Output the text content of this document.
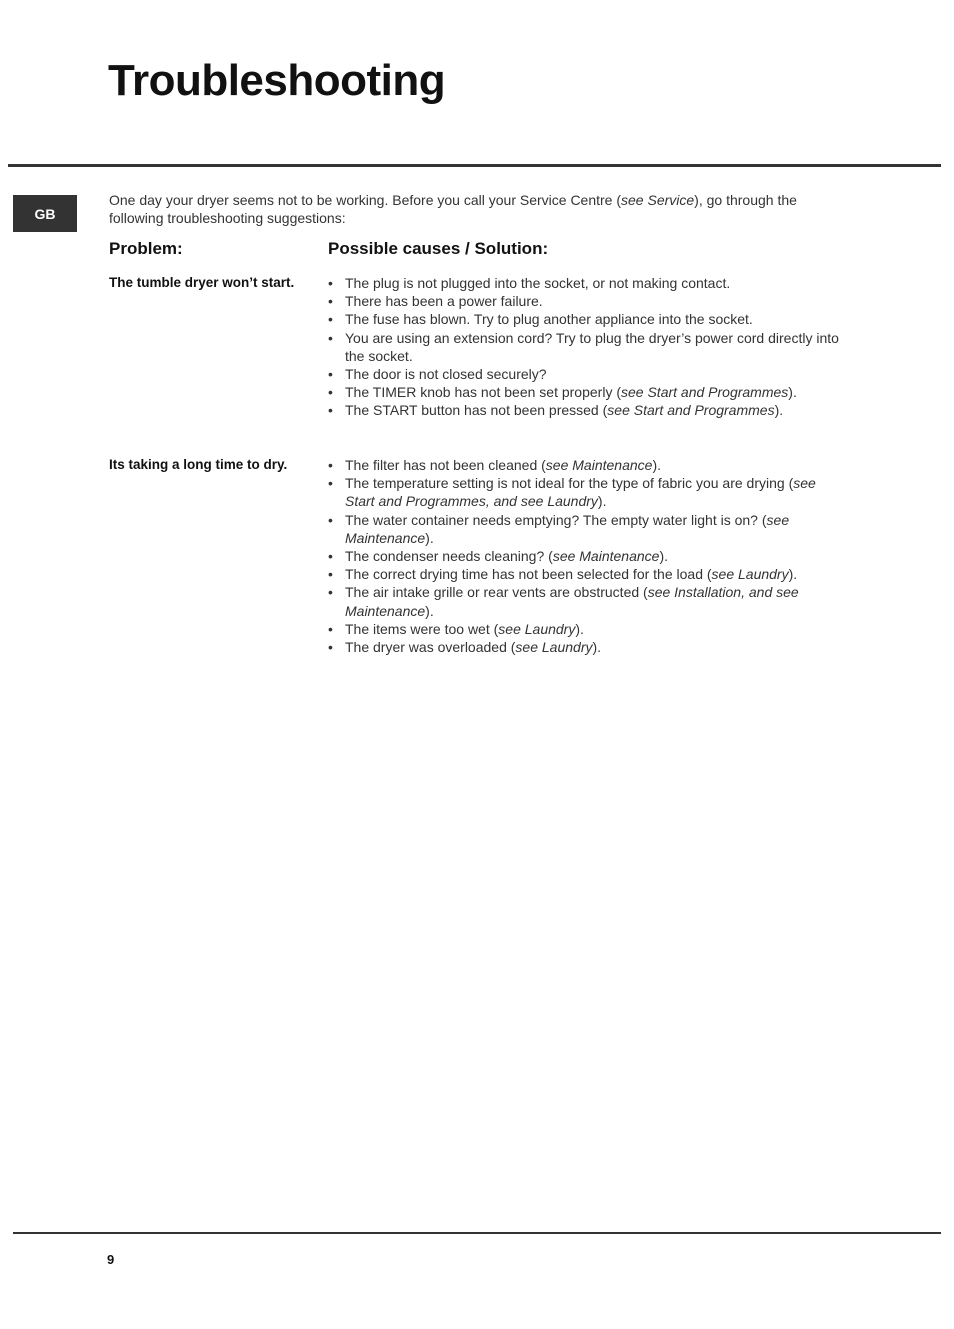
Troubleshooting
GB

One day your dryer seems not to be working. Before you call your Service Centre (see Service), go through the following troubleshooting suggestions:

Problem:	Possible causes / Solution:

The tumble dryer won’t start.	• The plug is not plugged into the socket, or not making contact.
• There has been a power failure.
• The fuse has blown. Try to plug another appliance into the socket.
• You are using an extension cord? Try to plug the dryer’s power cord directly into the socket.
• The door is not closed securely?
• The TIMER knob has not been set properly (see Start and Programmes).
• The START button has not been pressed (see Start and Programmes).

Its taking a long time to dry.	• The filter has not been cleaned (see Maintenance).
• The temperature setting is not ideal for the type of fabric you are drying (see Start and Programmes, and see Laundry).
• The water container needs emptying? The empty water light is on? (see Maintenance).
• The condenser needs cleaning? (see Maintenance).
• The correct drying time has not been selected for the load (see Laundry).
• The air intake grille or rear vents are obstructed (see Installation, and see Maintenance).
• The items were too wet (see Laundry).
• The dryer was overloaded (see Laundry).
9
